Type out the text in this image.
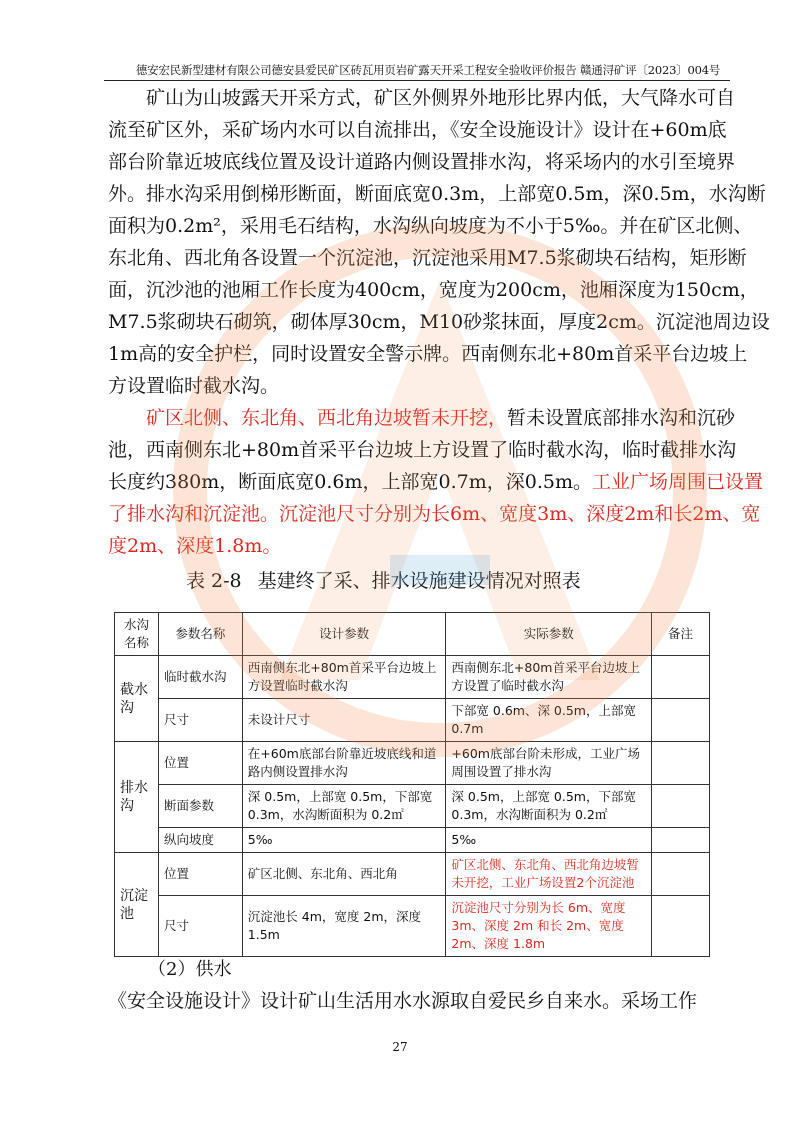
德安宏民新型建材有限公司德安县爱民矿区砖瓦用页岩矿露天开采工程安全验收评价报告 赣通浔矿评〔2023〕004号
矿山为山坡露天开采方式，矿区外侧界外地形比界内低，大气降水可自
流至矿区外，采矿场内水可以自流排出，《安全设施设计》设计在+60m底
部台阶靠近坡底线位置及设计道路内侧设置排水沟，将采场内的水引至境界
外。排水沟采用倒梯形断面，断面底宽0.3m，上部宽0.5m，深0.5m，水沟断
面积为0.2m²，采用毛石结构，水沟纵向坡度为不小于5‰。并在矿区北侧、
东北角、西北角各设置一个沉淀池，沉淀池采用M7.5浆砌块石结构，矩形断
面，沉沙池的池厢工作长度为400cm，宽度为200cm，池厢深度为150cm，
M7.5浆砌块石砌筑，砌体厚30cm，M10砂浆抹面，厚度2cm。沉淀池周边设
1m高的安全护栏，同时设置安全警示牌。西南侧东北+80m首采平台边坡上
方设置临时截水沟。
矿区北侧、东北角、西北角边坡暂未开挖，暂未设置底部排水沟和沉砂
池，西南侧东北+80m首采平台边坡上方设置了临时截水沟，临时截排水沟
长度约380m，断面底宽0.6m，上部宽0.7m，深0.5m。工业广场周围已设置
了排水沟和沉淀池。沉淀池尺寸分别为长6m、宽度3m、深度2m和长2m、宽
度2m、深度1.8m。
表 2-8 基建终了采、排水设施建设情况对照表
水沟名称	参数名称	设计参数	实际参数	备注
截水沟	临时截水沟	西南侧东北+80m首采平台边坡上方设置临时截水沟	西南侧东北+80m首采平台边坡上方设置了临时截水沟	
	尺寸	未设计尺寸	下部宽 0.6m、深 0.5m，上部宽0.7m	
排水沟	位置	在+60m底部台阶靠近坡底线和道路内侧设置排水沟	+60m底部台阶未形成，工业广场周围设置了排水沟	
	断面参数	深 0.5m，上部宽 0.5m，下部宽 0.3m，水沟断面积为 0.2㎡	深 0.5m，上部宽 0.5m，下部宽 0.3m，水沟断面积为 0.2㎡	
	纵向坡度	5‰	5‰	
沉淀池	位置	矿区北侧、东北角、西北角	矿区北侧、东北角、西北角边坡暂未开挖，工业广场设置2个沉淀池	
	尺寸	沉淀池长 4m，宽度 2m，深度1.5m	沉淀池尺寸分别为长 6m、宽度 3m、深度 2m 和长 2m、宽度 2m、深度 1.8m	
（2）供水
《安全设施设计》设计矿山生活用水水源取自爱民乡自来水。采场工作
27
